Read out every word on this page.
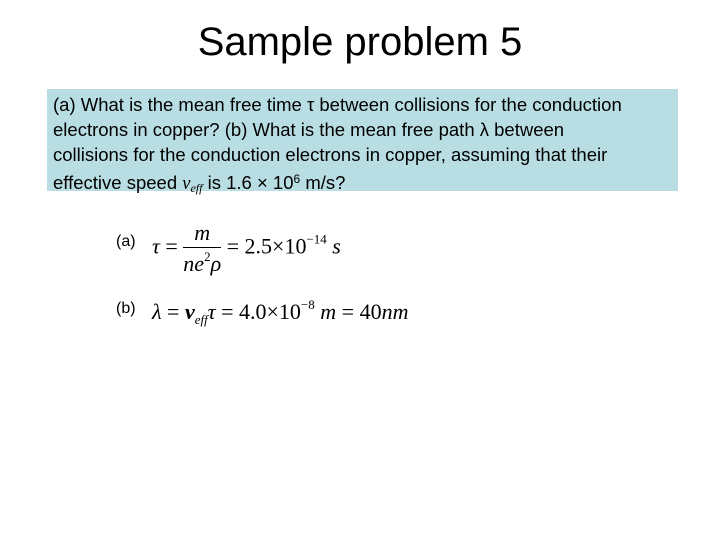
Sample problem 5
(a) What is the mean free time τ between collisions for the conduction
electrons in copper? (b) What is the mean free path λ between
collisions for the conduction electrons in copper, assuming that their
effective speed $v_{eff}$ is $1.6 \times 10^6$ m/s?
(a) $\tau = \frac{m}{ne^2\rho} = 2.5\times 10^{-14}$ s
(b) $\lambda = v_{eff}\tau = 4.0\times 10^{-8}$ m = 40nm
